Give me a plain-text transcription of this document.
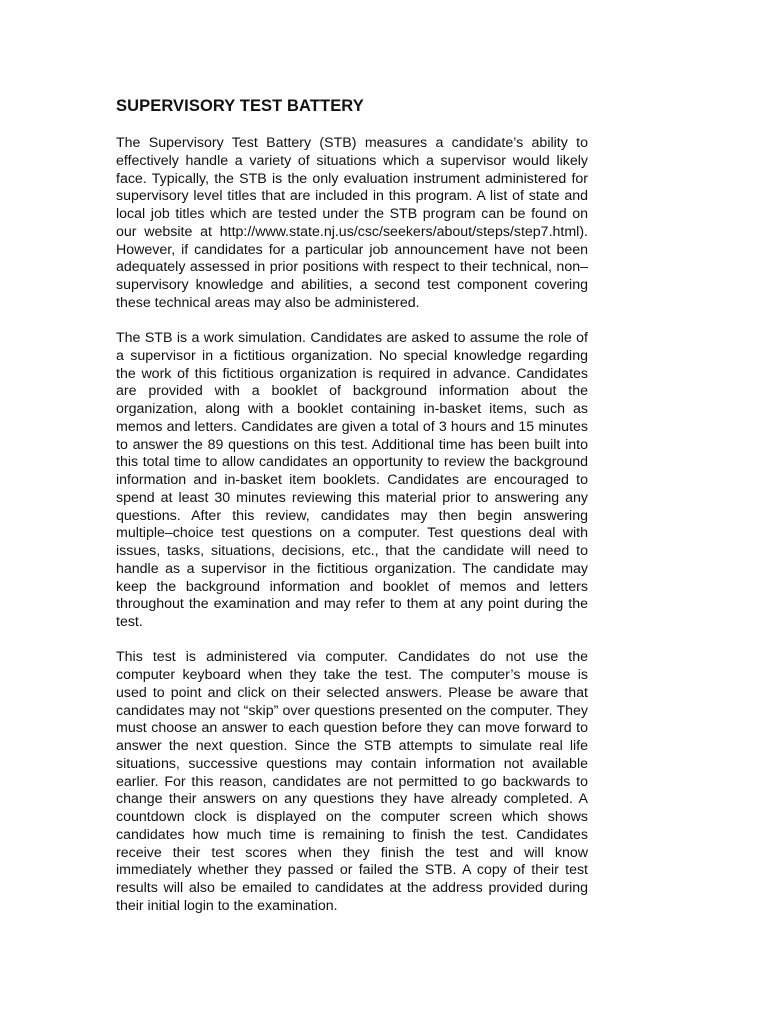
SUPERVISORY TEST BATTERY

The Supervisory Test Battery (STB) measures a candidate’s ability to effectively handle a variety of situations which a supervisor would likely face. Typically, the STB is the only evaluation instrument administered for supervisory level titles that are included in this program. A list of state and local job titles which are tested under the STB program can be found on our website at http://www.state.nj.us/csc/seekers/about/steps/step7.html). However, if candidates for a particular job announcement have not been adequately assessed in prior positions with respect to their technical, non–supervisory knowledge and abilities, a second test component covering these technical areas may also be administered.

The STB is a work simulation. Candidates are asked to assume the role of a supervisor in a fictitious organization. No special knowledge regarding the work of this fictitious organization is required in advance. Candidates are provided with a booklet of background information about the organization, along with a booklet containing in-basket items, such as memos and letters. Candidates are given a total of 3 hours and 15 minutes to answer the 89 questions on this test. Additional time has been built into this total time to allow candidates an opportunity to review the background information and in-basket item booklets. Candidates are encouraged to spend at least 30 minutes reviewing this material prior to answering any questions. After this review, candidates may then begin answering multiple–choice test questions on a computer. Test questions deal with issues, tasks, situations, decisions, etc., that the candidate will need to handle as a supervisor in the fictitious organization. The candidate may keep the background information and booklet of memos and letters throughout the examination and may refer to them at any point during the test.

This test is administered via computer. Candidates do not use the computer keyboard when they take the test. The computer’s mouse is used to point and click on their selected answers. Please be aware that candidates may not “skip” over questions presented on the computer. They must choose an answer to each question before they can move forward to answer the next question. Since the STB attempts to simulate real life situations, successive questions may contain information not available earlier. For this reason, candidates are not permitted to go backwards to change their answers on any questions they have already completed. A countdown clock is displayed on the computer screen which shows candidates how much time is remaining to finish the test. Candidates receive their test scores when they finish the test and will know immediately whether they passed or failed the STB. A copy of their test results will also be emailed to candidates at the address provided during their initial login to the examination.
